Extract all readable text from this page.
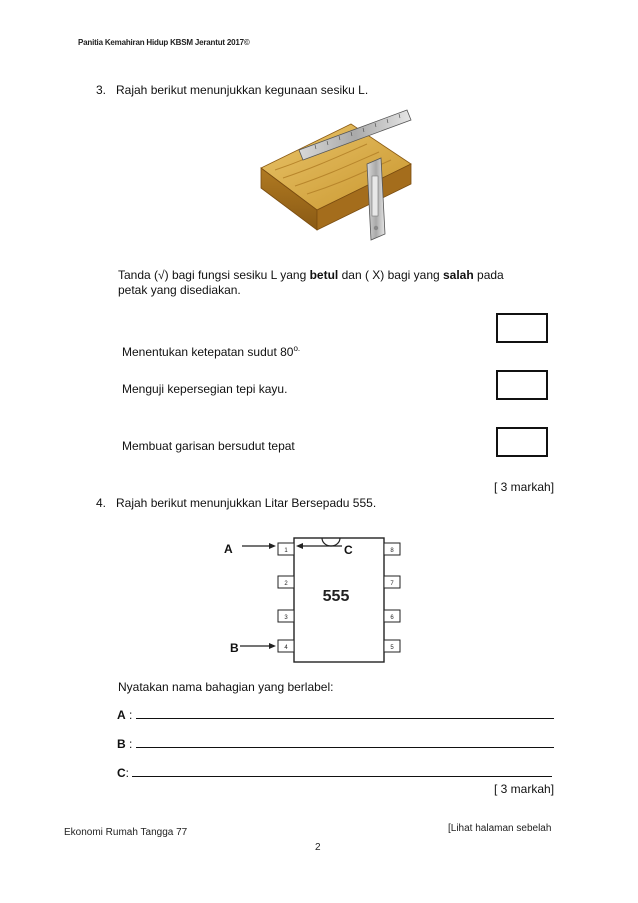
Panitia Kemahiran Hidup KBSM Jerantut 2017©
3. Rajah berikut menunjukkan kegunaan sesiku L.
Tanda (√) bagi fungsi sesiku L yang betul dan ( X) bagi yang salah pada
petak yang disediakan.
Menentukan ketepatan sudut $80^{o.}$
Menguji kepersegian tepi kayu.
Membuat garisan bersudut tepat
[ 3 markah]
4. Rajah berikut menunjukkan Litar Bersepadu 555.
1
2
3
4
8
7
6
5
555
A	C
B
Nyatakan nama bahagian yang berlabel:
A :
B :
C:
[ 3 markah]
Ekonomi Rumah Tangga 77	[Lihat halaman sebelah
2
